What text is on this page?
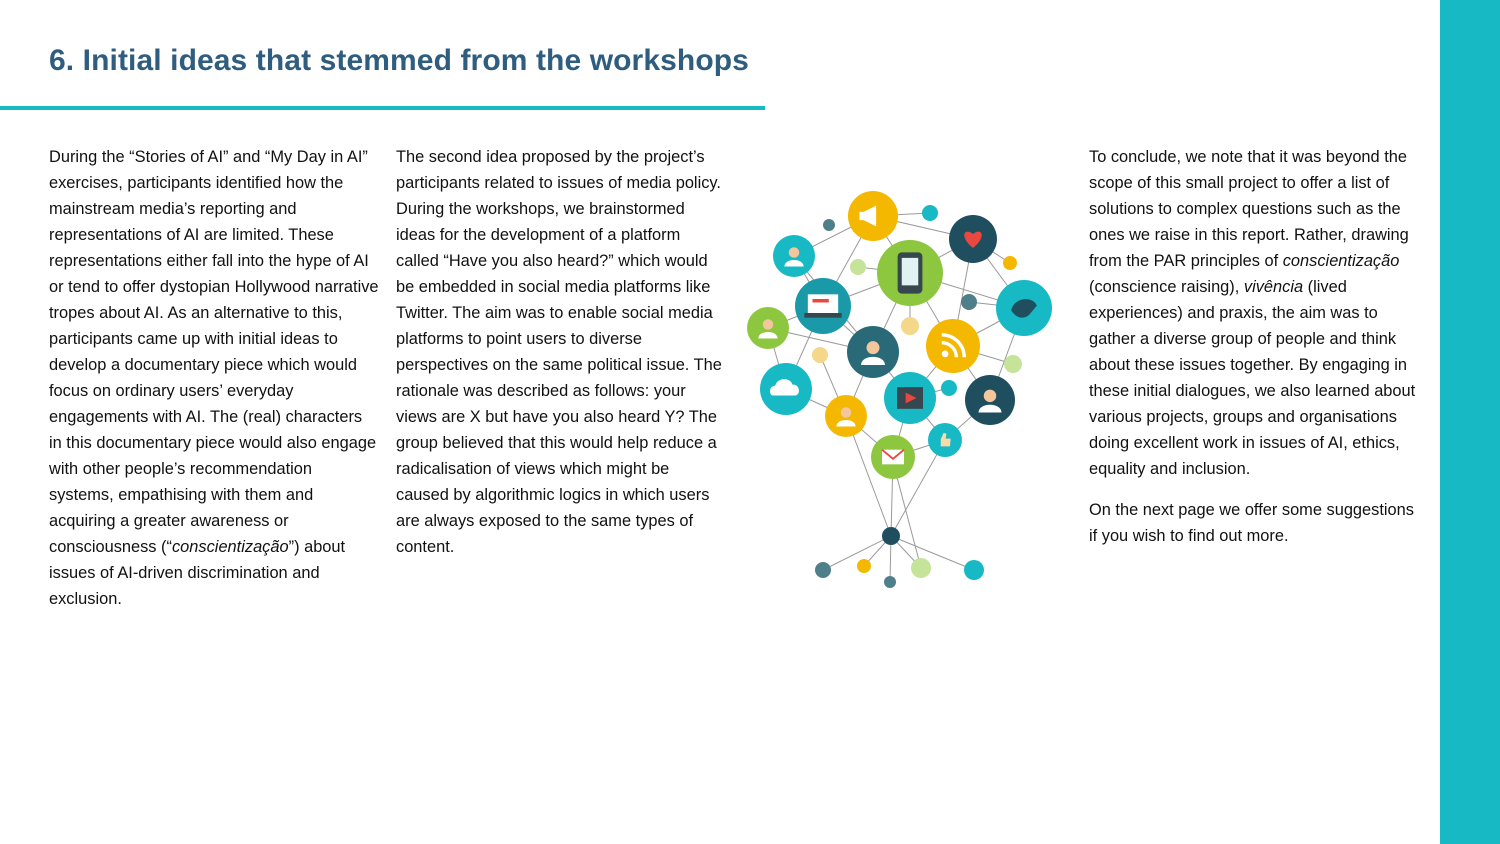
6. Initial ideas that stemmed from the workshops

During the “Stories of AI” and “My Day in AI” exercises, participants identified how the mainstream media’s reporting and representations of AI are limited. These representations either fall into the hype of AI or tend to offer dystopian Hollywood narrative tropes about AI. As an alternative to this, participants came up with initial ideas to develop a documentary piece which would focus on ordinary users’ everyday engagements with AI. The (real) characters in this documentary piece would also engage with other people’s recommendation systems, empathising with them and acquiring a greater awareness or consciousness (“conscientização”) about issues of AI-driven discrimination and exclusion.

The second idea proposed by the project’s participants related to issues of media policy. During the workshops, we brainstormed ideas for the development of a platform called “Have you also heard?” which would be embedded in social media platforms like Twitter. The aim was to enable social media platforms to point users to diverse perspectives on the same political issue. The rationale was described as follows: your views are X but have you also heard Y? The group believed that this would help reduce a radicalisation of views which might be caused by algorithmic logics in which users are always exposed to the same types of content.

To conclude, we note that it was beyond the scope of this small project to offer a list of solutions to complex questions such as the ones we raise in this report. Rather, drawing from the PAR principles of conscientização (conscience raising), vivência (lived experiences) and praxis, the aim was to gather a diverse group of people and think about these issues together. By engaging in these initial dialogues, we also learned about various projects, groups and organisations doing excellent work in issues of AI, ethics, equality and inclusion.

On the next page we offer some suggestions if you wish to find out more.
